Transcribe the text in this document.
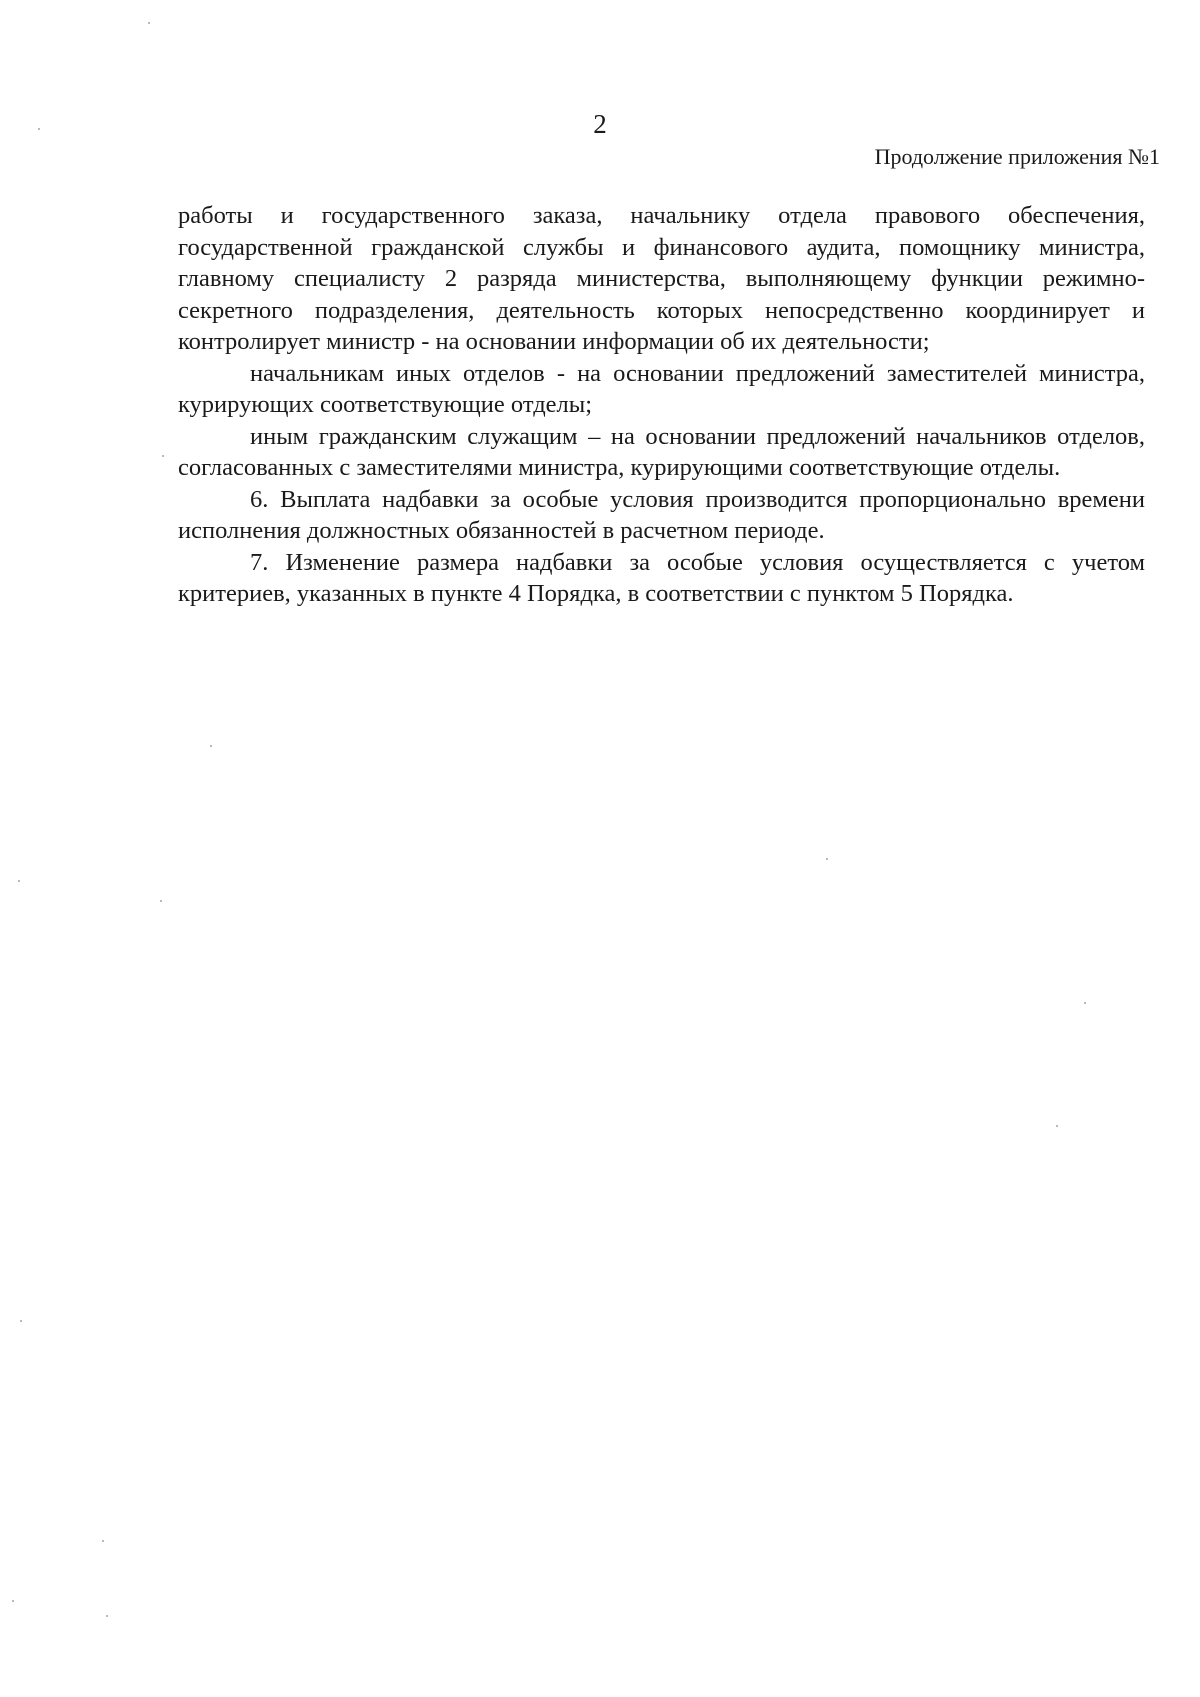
2

Продолжение приложения №1

работы и государственного заказа, начальнику отдела правового обеспечения, государственной гражданской службы и финансового аудита, помощнику министра, главному специалисту 2 разряда министерства, выполняющему функции режимно-секретного подразделения, деятельность которых непосредственно координирует и контролирует министр - на основании информации об их деятельности;

начальникам иных отделов - на основании предложений заместителей министра, курирующих соответствующие отделы;

иным гражданским служащим – на основании предложений начальников отделов, согласованных с заместителями министра, курирующими соответствующие отделы.

6. Выплата надбавки за особые условия производится пропорционально времени исполнения должностных обязанностей в расчетном периоде.

7. Изменение размера надбавки за особые условия осуществляется с учетом критериев, указанных в пункте 4 Порядка, в соответствии с пунктом 5 Порядка.
